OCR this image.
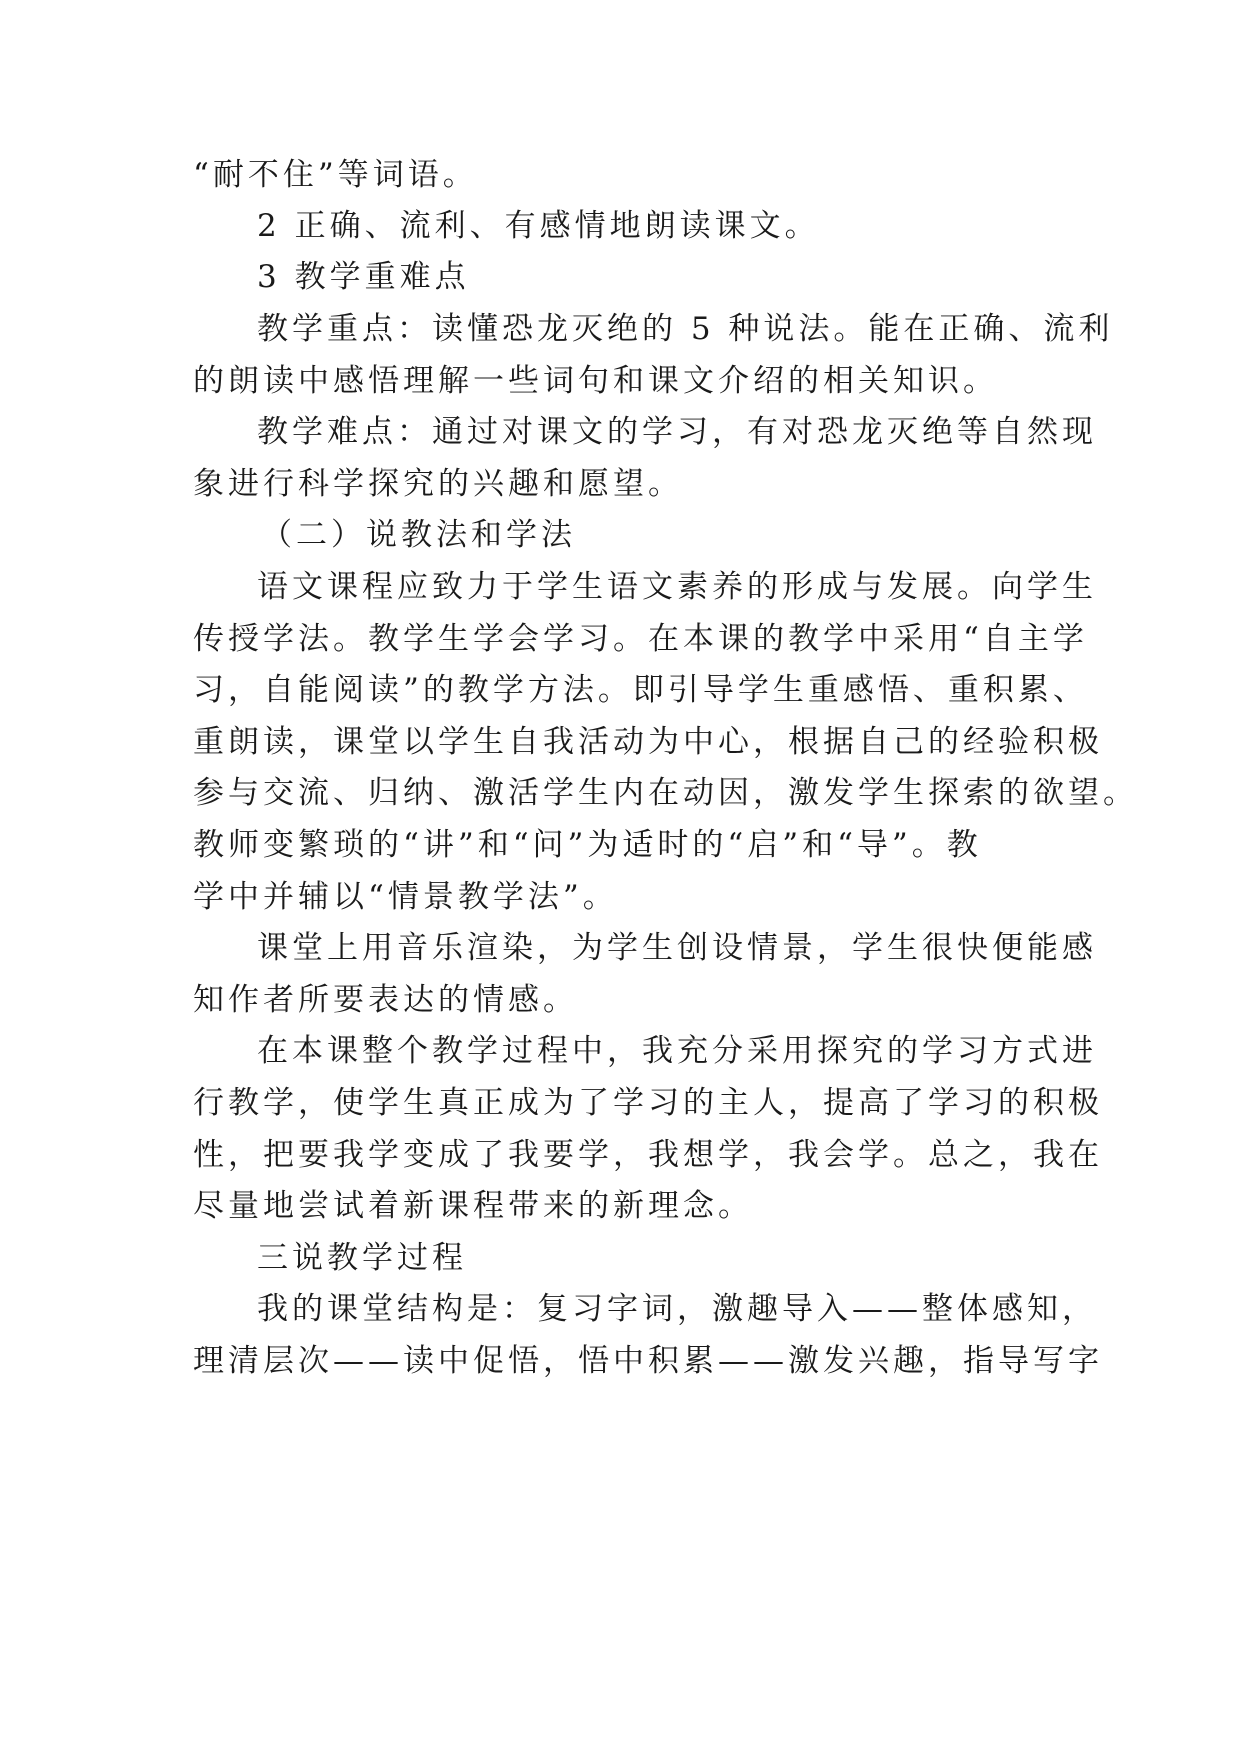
“耐不住”等词语。
2 正确、流利、有感情地朗读课文。
3 教学重难点
教学重点：读懂恐龙灭绝的 5 种说法。能在正确、流利
的朗读中感悟理解一些词句和课文介绍的相关知识。
教学难点：通过对课文的学习，有对恐龙灭绝等自然现
象进行科学探究的兴趣和愿望。
（二）说教法和学法
语文课程应致力于学生语文素养的形成与发展。向学生
传授学法。教学生学会学习。在本课的教学中采用“自主学
习，自能阅读”的教学方法。即引导学生重感悟、重积累、
重朗读，课堂以学生自我活动为中心，根据自己的经验积极
参与交流、归纳、激活学生内在动因，激发学生探索的欲望。
教师变繁琐的“讲”和“问”为适时的“启”和“导”。教
学中并辅以“情景教学法”。
课堂上用音乐渲染，为学生创设情景，学生很快便能感
知作者所要表达的情感。
在本课整个教学过程中，我充分采用探究的学习方式进
行教学，使学生真正成为了学习的主人，提高了学习的积极
性，把要我学变成了我要学，我想学，我会学。总之，我在
尽量地尝试着新课程带来的新理念。
三说教学过程
我的课堂结构是：复习字词，激趣导入——整体感知，
理清层次——读中促悟，悟中积累——激发兴趣，指导写字
